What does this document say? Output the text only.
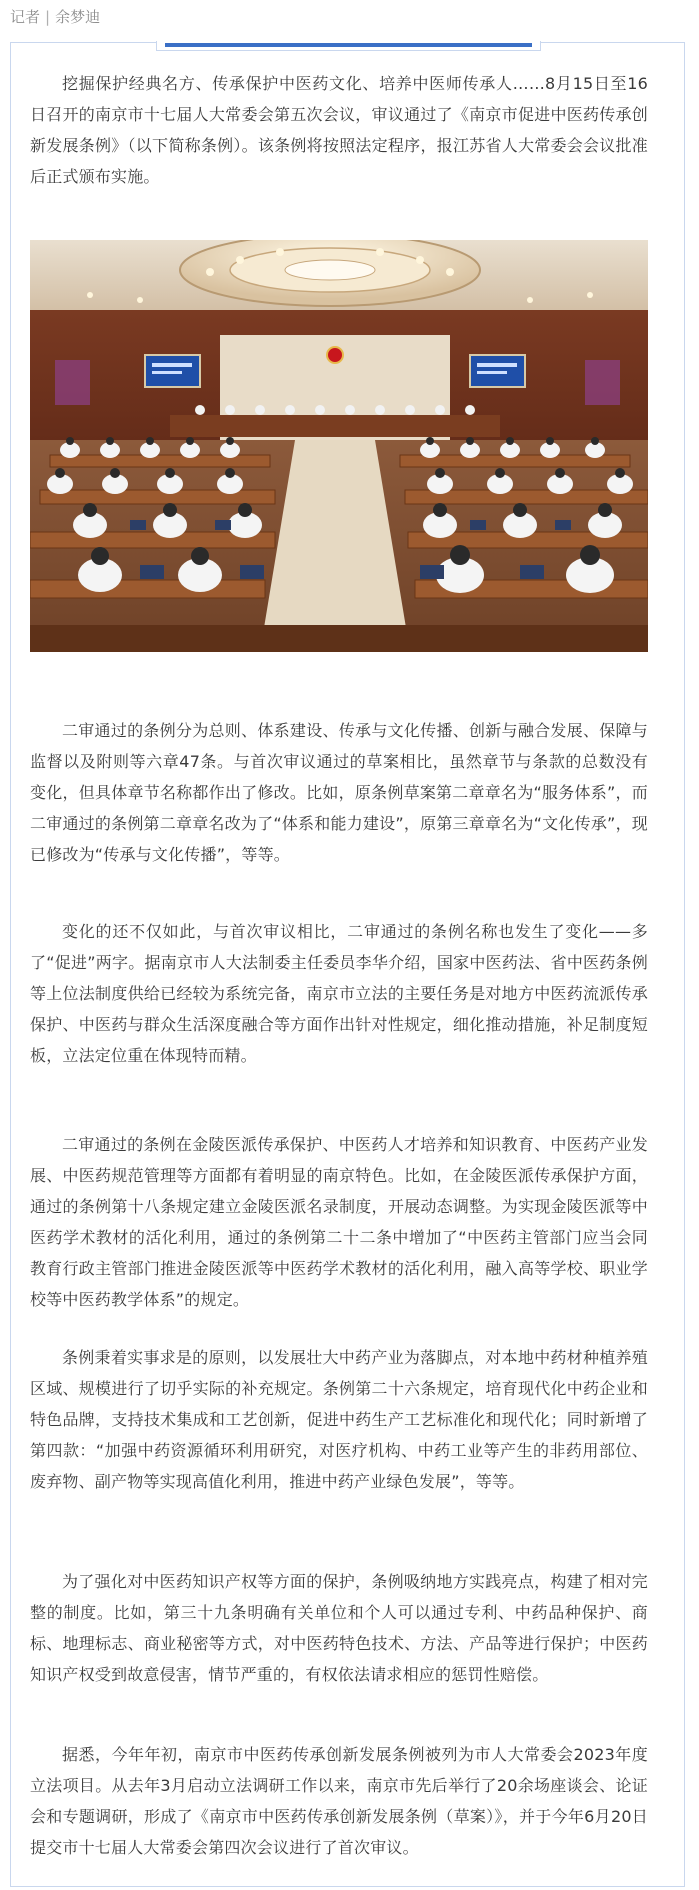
记者 | 余梦迪

挖掘保护经典名方、传承保护中医药文化、培养中医师传承人……8月15日至16日召开的南京市十七届人大常委会第五次会议，审议通过了《南京市促进中医药传承创新发展条例》（以下简称条例）。该条例将按照法定程序，报江苏省人大常委会会议批准后正式颁布实施。

二审通过的条例分为总则、体系建设、传承与文化传播、创新与融合发展、保障与监督以及附则等六章47条。与首次审议通过的草案相比，虽然章节与条款的总数没有变化，但具体章节名称都作出了修改。比如，原条例草案第二章章名为“服务体系”，而二审通过的条例第二章章名改为了“体系和能力建设”，原第三章章名为“文化传承”，现已修改为“传承与文化传播”，等等。

变化的还不仅如此，与首次审议相比，二审通过的条例名称也发生了变化——多了“促进”两字。据南京市人大法制委主任委员李华介绍，国家中医药法、省中医药条例等上位法制度供给已经较为系统完备，南京市立法的主要任务是对地方中医药流派传承保护、中医药与群众生活深度融合等方面作出针对性规定，细化推动措施，补足制度短板，立法定位重在体现特而精。

二审通过的条例在金陵医派传承保护、中医药人才培养和知识教育、中医药产业发展、中医药规范管理等方面都有着明显的南京特色。比如，在金陵医派传承保护方面，通过的条例第十八条规定建立金陵医派名录制度，开展动态调整。为实现金陵医派等中医药学术教材的活化利用，通过的条例第二十二条中增加了“中医药主管部门应当会同教育行政主管部门推进金陵医派等中医药学术教材的活化利用，融入高等学校、职业学校等中医药教学体系”的规定。

条例秉着实事求是的原则，以发展壮大中药产业为落脚点，对本地中药材种植养殖区域、规模进行了切乎实际的补充规定。条例第二十六条规定，培育现代化中药企业和特色品牌，支持技术集成和工艺创新，促进中药生产工艺标准化和现代化；同时新增了第四款：“加强中药资源循环利用研究，对医疗机构、中药工业等产生的非药用部位、废弃物、副产物等实现高值化利用，推进中药产业绿色发展”，等等。

为了强化对中医药知识产权等方面的保护，条例吸纳地方实践亮点，构建了相对完整的制度。比如，第三十九条明确有关单位和个人可以通过专利、中药品种保护、商标、地理标志、商业秘密等方式，对中医药特色技术、方法、产品等进行保护；中医药知识产权受到故意侵害，情节严重的，有权依法请求相应的惩罚性赔偿。

据悉，今年年初，南京市中医药传承创新发展条例被列为市人大常委会2023年度立法项目。从去年3月启动立法调研工作以来，南京市先后举行了20余场座谈会、论证会和专题调研，形成了《南京市中医药传承创新发展条例（草案）》，并于今年6月20日提交市十七届人大常委会第四次会议进行了首次审议。
